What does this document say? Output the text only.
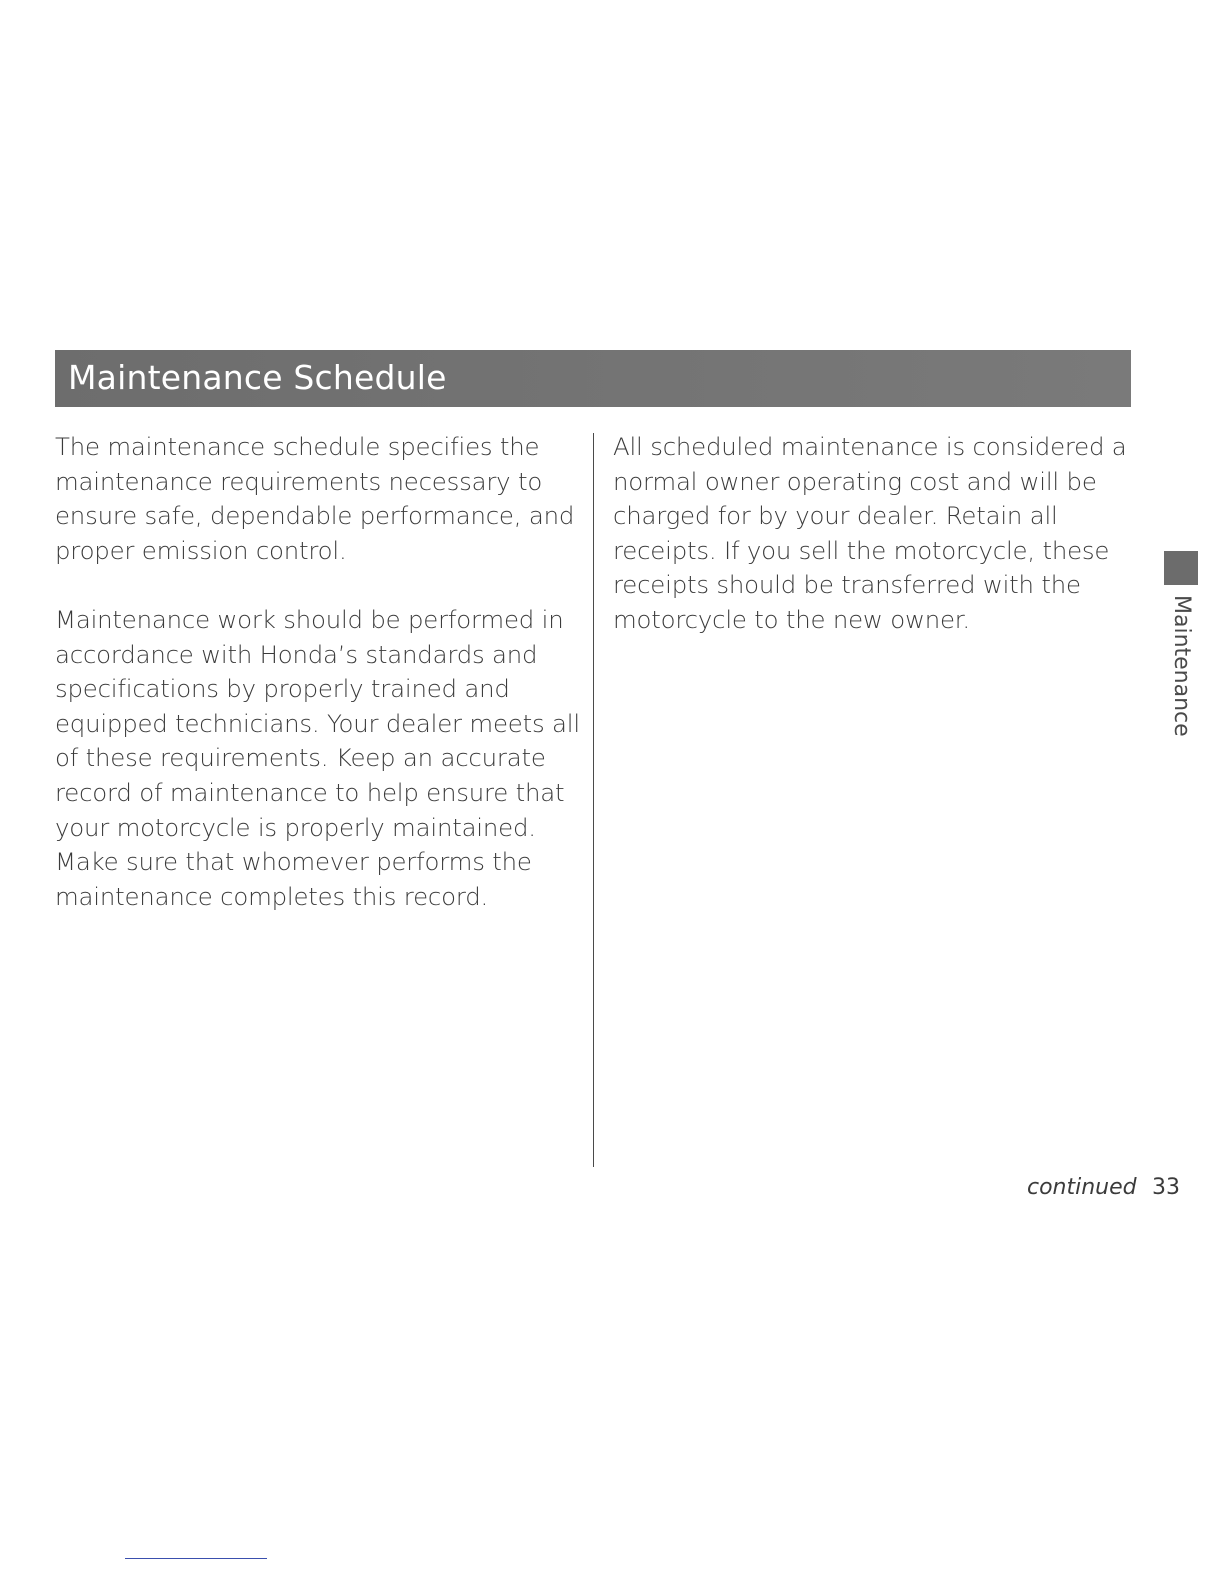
Maintenance Schedule

The maintenance schedule specifies the

maintenance requirements necessary to

ensure safe, dependable performance, and

proper emission control.

Maintenance work should be performed in

accordance with Honda’s standards and

specifications by properly trained and

equipped technicians. Your dealer meets all

of these requirements. Keep an accurate

record of maintenance to help ensure that

your motorcycle is properly maintained.

Make sure that whomever performs the

maintenance completes this record.

All scheduled maintenance is considered a

normal owner operating cost and will be

charged for by your dealer. Retain all

receipts. If you sell the motorcycle, these

receipts should be transferred with the

motorcycle to the new owner.	Maintenance
continued 33
